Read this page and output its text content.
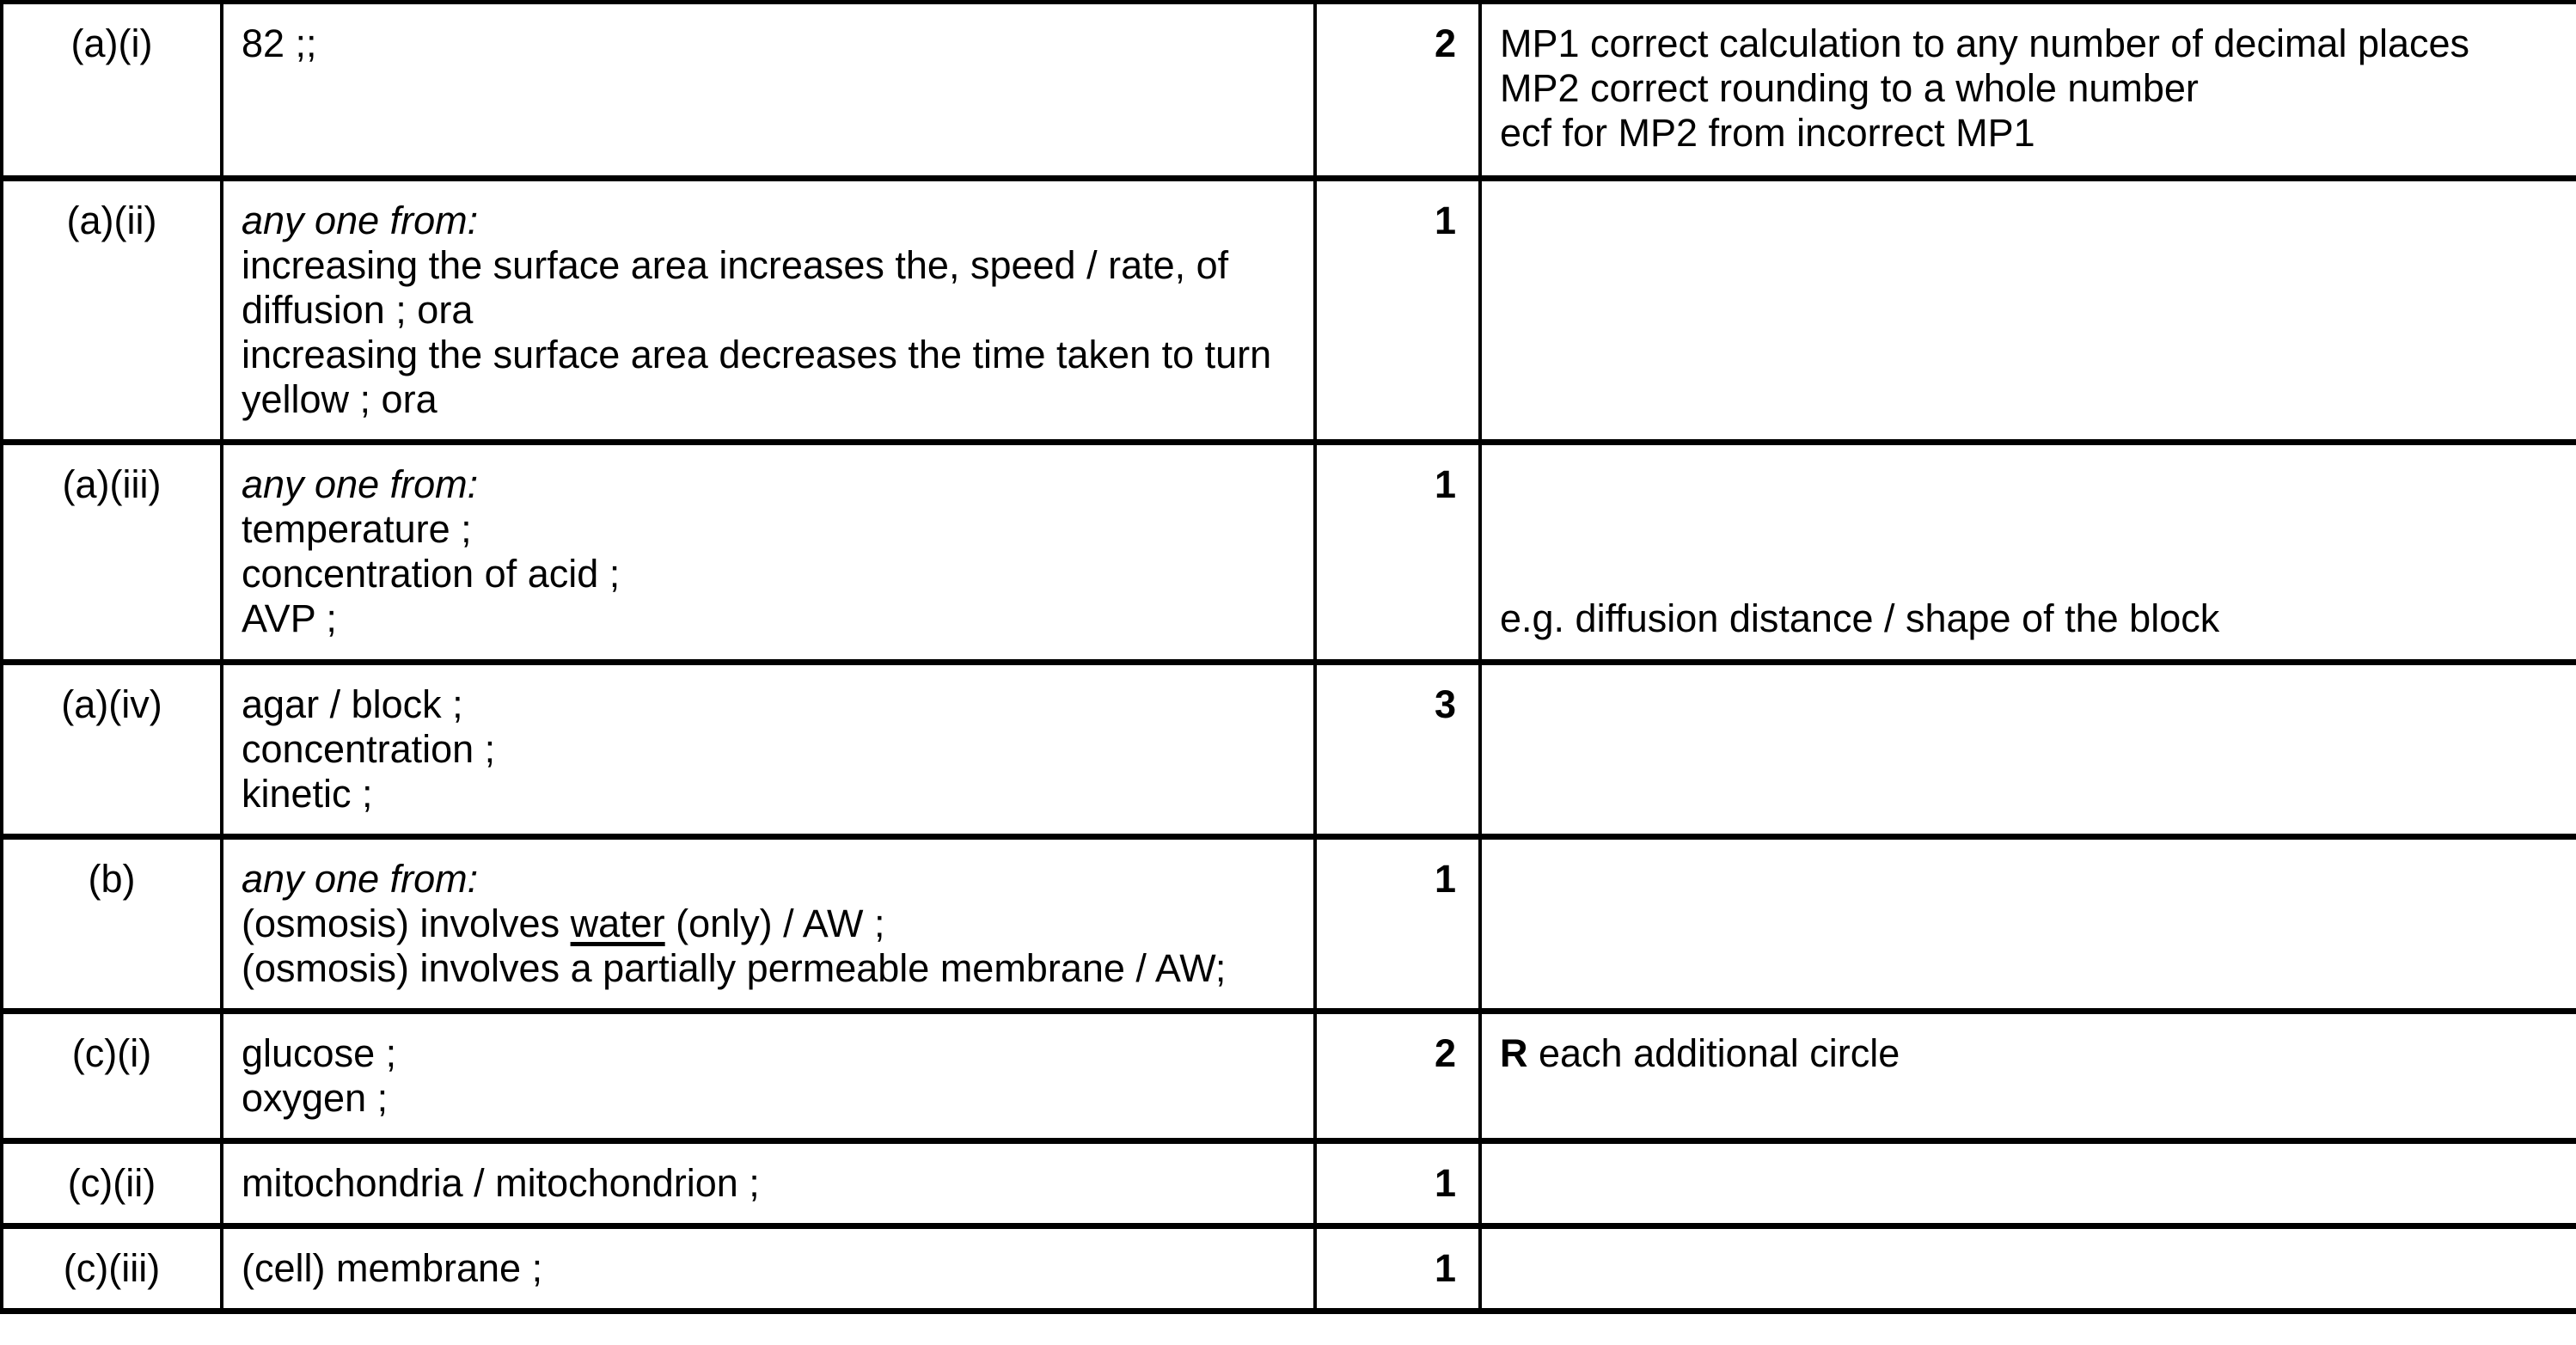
(a)(i)	82 ;;	2	MP1 correct calculation to any number of decimal places
MP2 correct rounding to a whole number
ecf for MP2 from incorrect MP1

(a)(ii)	any one from:
increasing the surface area increases the, speed / rate, of
diffusion ; ora
increasing the surface area decreases the time taken to turn
yellow ; ora	1	

(a)(iii)	any one from:
temperature ;
concentration of acid ;
AVP ;	1	e.g. diffusion distance / shape of the block

(a)(iv)	agar / block ;
concentration ;
kinetic ;	3	

(b)	any one from:
(osmosis) involves water (only) / AW ;
(osmosis) involves a partially permeable membrane / AW;	1	

(c)(i)	glucose ;
oxygen ;	2	R each additional circle

(c)(ii)	mitochondria / mitochondrion ;	1	

(c)(iii)	(cell) membrane ;	1	
